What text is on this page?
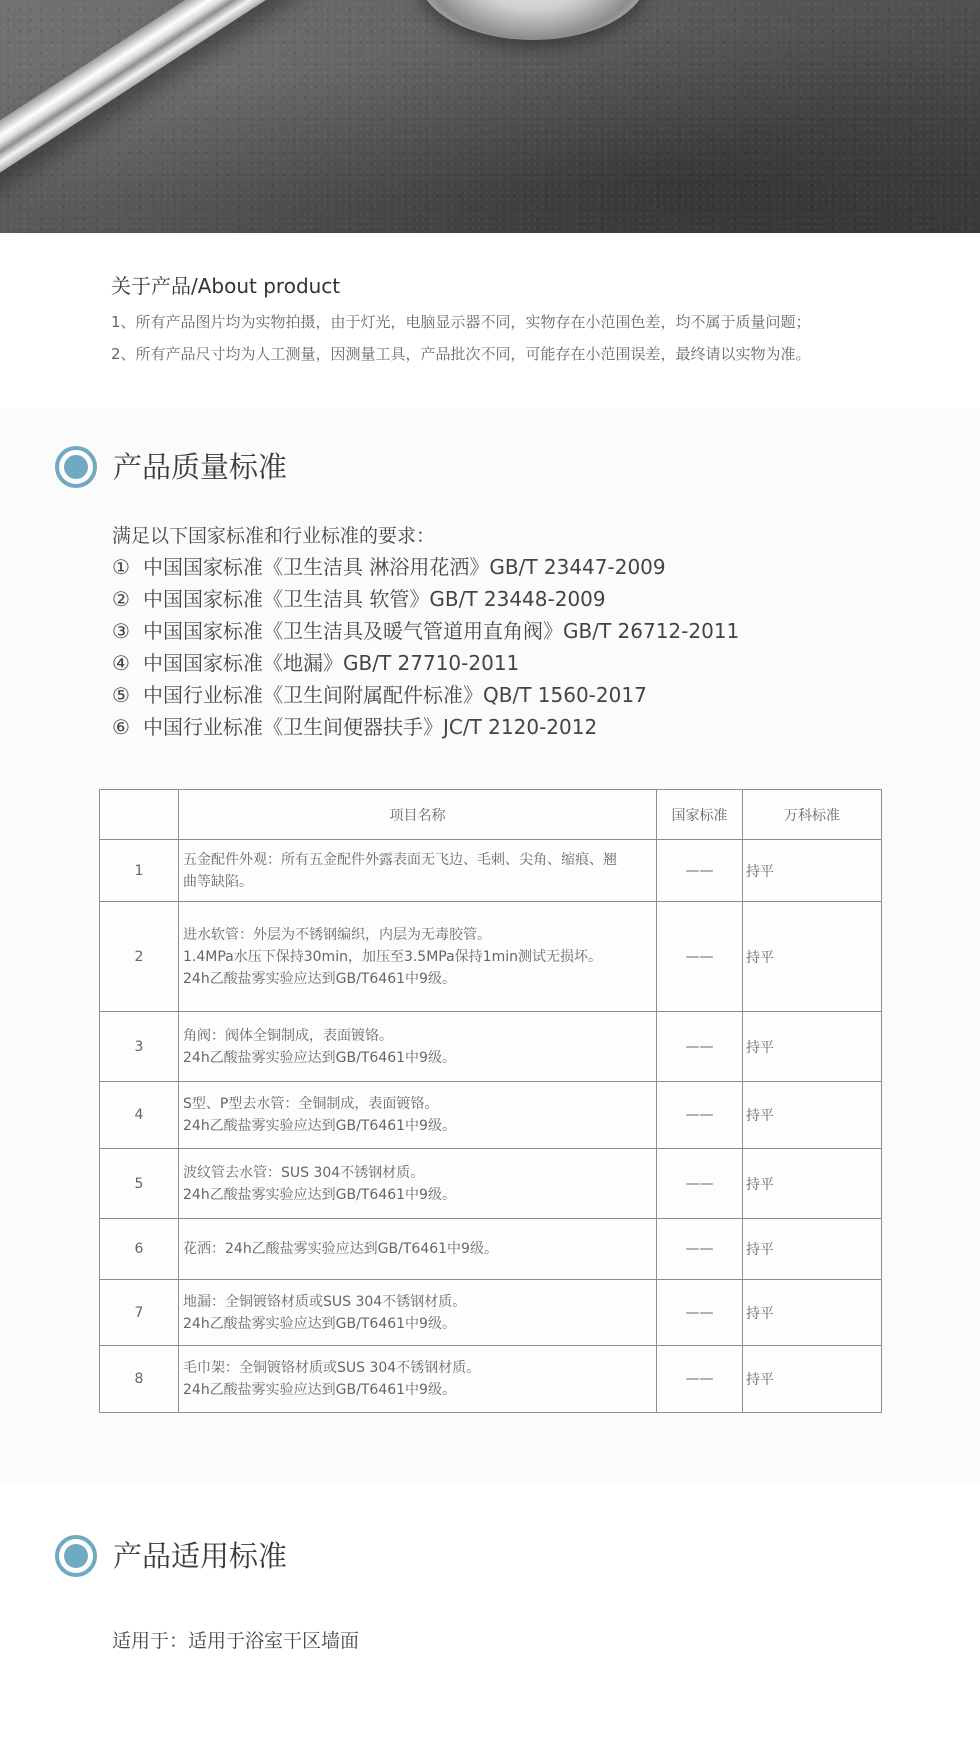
关于产品/About product
1、所有产品图片均为实物拍摄，由于灯光，电脑显示器不同，实物存在小范围色差，均不属于质量问题；
2、所有产品尺寸均为人工测量，因测量工具，产品批次不同，可能存在小范围误差，最终请以实物为准。
产品质量标准
满足以下国家标准和行业标准的要求：
① 中国国家标准《卫生洁具 淋浴用花洒》GB/T 23447-2009
② 中国国家标准《卫生洁具 软管》GB/T 23448-2009
③ 中国国家标准《卫生洁具及暖气管道用直角阀》GB/T 26712-2011
④ 中国国家标准《地漏》GB/T 27710-2011
⑤ 中国行业标准《卫生间附属配件标准》QB/T 1560-2017
⑥ 中国行业标准《卫生间便器扶手》JC/T 2120-2012
	项目名称	国家标准	万科标准
1	五金配件外观：所有五金配件外露表面无飞边、毛刺、尖角、缩痕、翘
曲等缺陷。	——	持平
2	进水软管：外层为不锈钢编织，内层为无毒胶管。
1.4MPa水压下保持30min，加压至3.5MPa保持1min测试无损坏。
24h乙酸盐雾实验应达到GB/T6461中9级。	——	持平
3	角阀：阀体全铜制成，表面镀铬。
24h乙酸盐雾实验应达到GB/T6461中9级。	——	持平
4	S型、P型去水管：全铜制成，表面镀铬。
24h乙酸盐雾实验应达到GB/T6461中9级。	——	持平
5	波纹管去水管：SUS 304不锈钢材质。
24h乙酸盐雾实验应达到GB/T6461中9级。	——	持平
6	花洒：24h乙酸盐雾实验应达到GB/T6461中9级。	——	持平
7	地漏：全铜镀铬材质或SUS 304不锈钢材质。
24h乙酸盐雾实验应达到GB/T6461中9级。	——	持平
8	毛巾架：全铜镀铬材质或SUS 304不锈钢材质。
24h乙酸盐雾实验应达到GB/T6461中9级。	——	持平
产品适用标准
适用于：适用于浴室干区墙面
